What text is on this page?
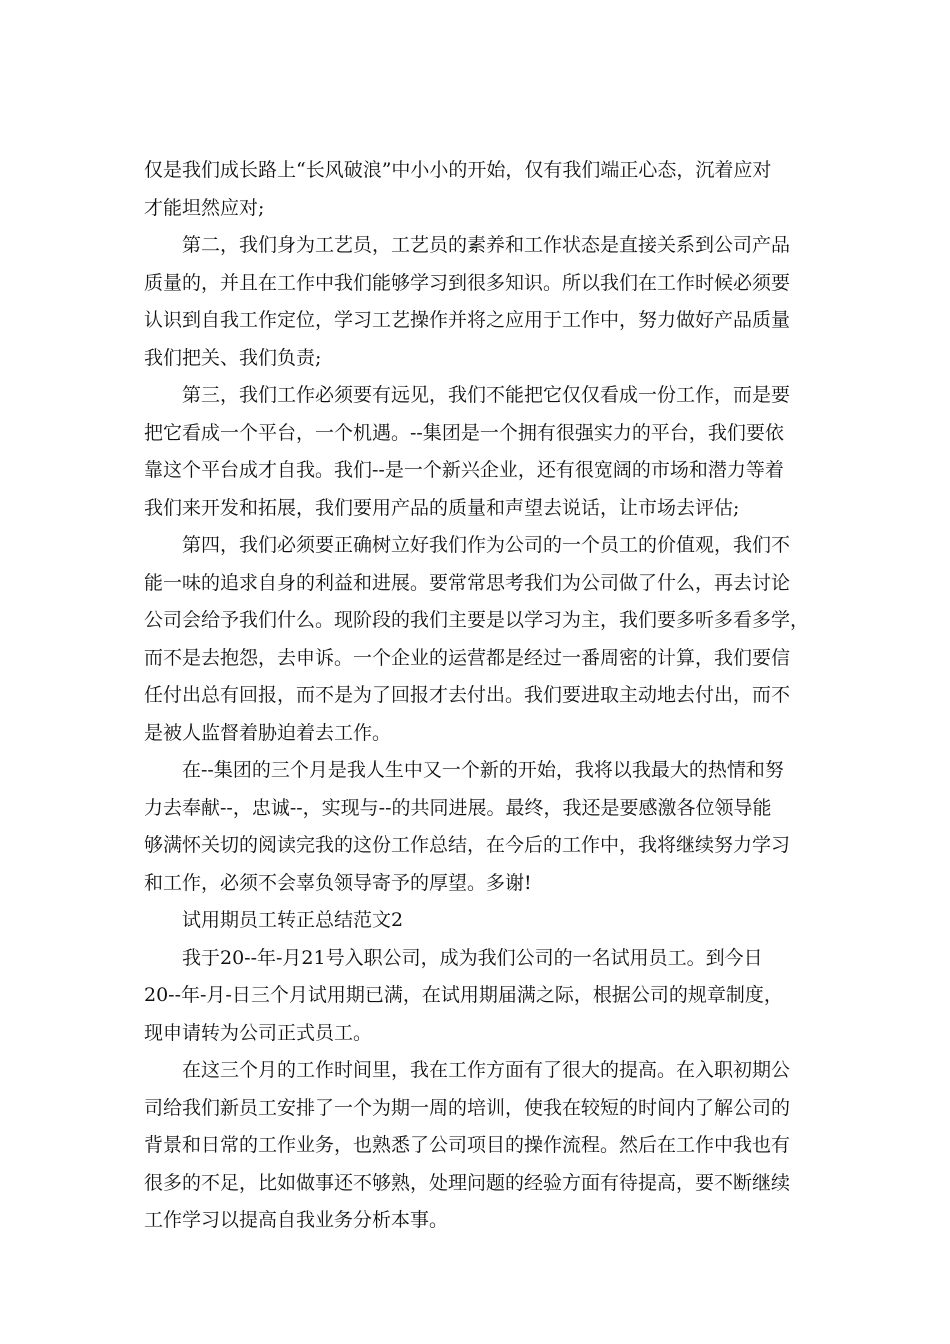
仅是我们成长路上“长风破浪”中小小的开始，仅有我们端正心态，沉着应对
才能坦然应对;
第二，我们身为工艺员，工艺员的素养和工作状态是直接关系到公司产品
质量的，并且在工作中我们能够学习到很多知识。所以我们在工作时候必须要
认识到自我工作定位，学习工艺操作并将之应用于工作中，努力做好产品质量
我们把关、我们负责;
第三，我们工作必须要有远见，我们不能把它仅仅看成一份工作，而是要
把它看成一个平台，一个机遇。--集团是一个拥有很强实力的平台，我们要依
靠这个平台成才自我。我们--是一个新兴企业，还有很宽阔的市场和潜力等着
我们来开发和拓展，我们要用产品的质量和声望去说话，让市场去评估;
第四，我们必须要正确树立好我们作为公司的一个员工的价值观，我们不
能一味的追求自身的利益和进展。要常常思考我们为公司做了什么，再去讨论
公司会给予我们什么。现阶段的我们主要是以学习为主，我们要多听多看多学，
而不是去抱怨，去申诉。一个企业的运营都是经过一番周密的计算，我们要信
任付出总有回报，而不是为了回报才去付出。我们要进取主动地去付出，而不
是被人监督着胁迫着去工作。
在--集团的三个月是我人生中又一个新的开始，我将以我最大的热情和努
力去奉献--，忠诚--，实现与--的共同进展。最终，我还是要感激各位领导能
够满怀关切的阅读完我的这份工作总结，在今后的工作中，我将继续努力学习
和工作，必须不会辜负领导寄予的厚望。多谢!
试用期员工转正总结范文2
我于20--年-月21号入职公司，成为我们公司的一名试用员工。到今日
20--年-月-日三个月试用期已满，在试用期届满之际，根据公司的规章制度，
现申请转为公司正式员工。
在这三个月的工作时间里，我在工作方面有了很大的提高。在入职初期公
司给我们新员工安排了一个为期一周的培训，使我在较短的时间内了解公司的
背景和日常的工作业务，也熟悉了公司项目的操作流程。然后在工作中我也有
很多的不足，比如做事还不够熟，处理问题的经验方面有待提高，要不断继续
工作学习以提高自我业务分析本事。
